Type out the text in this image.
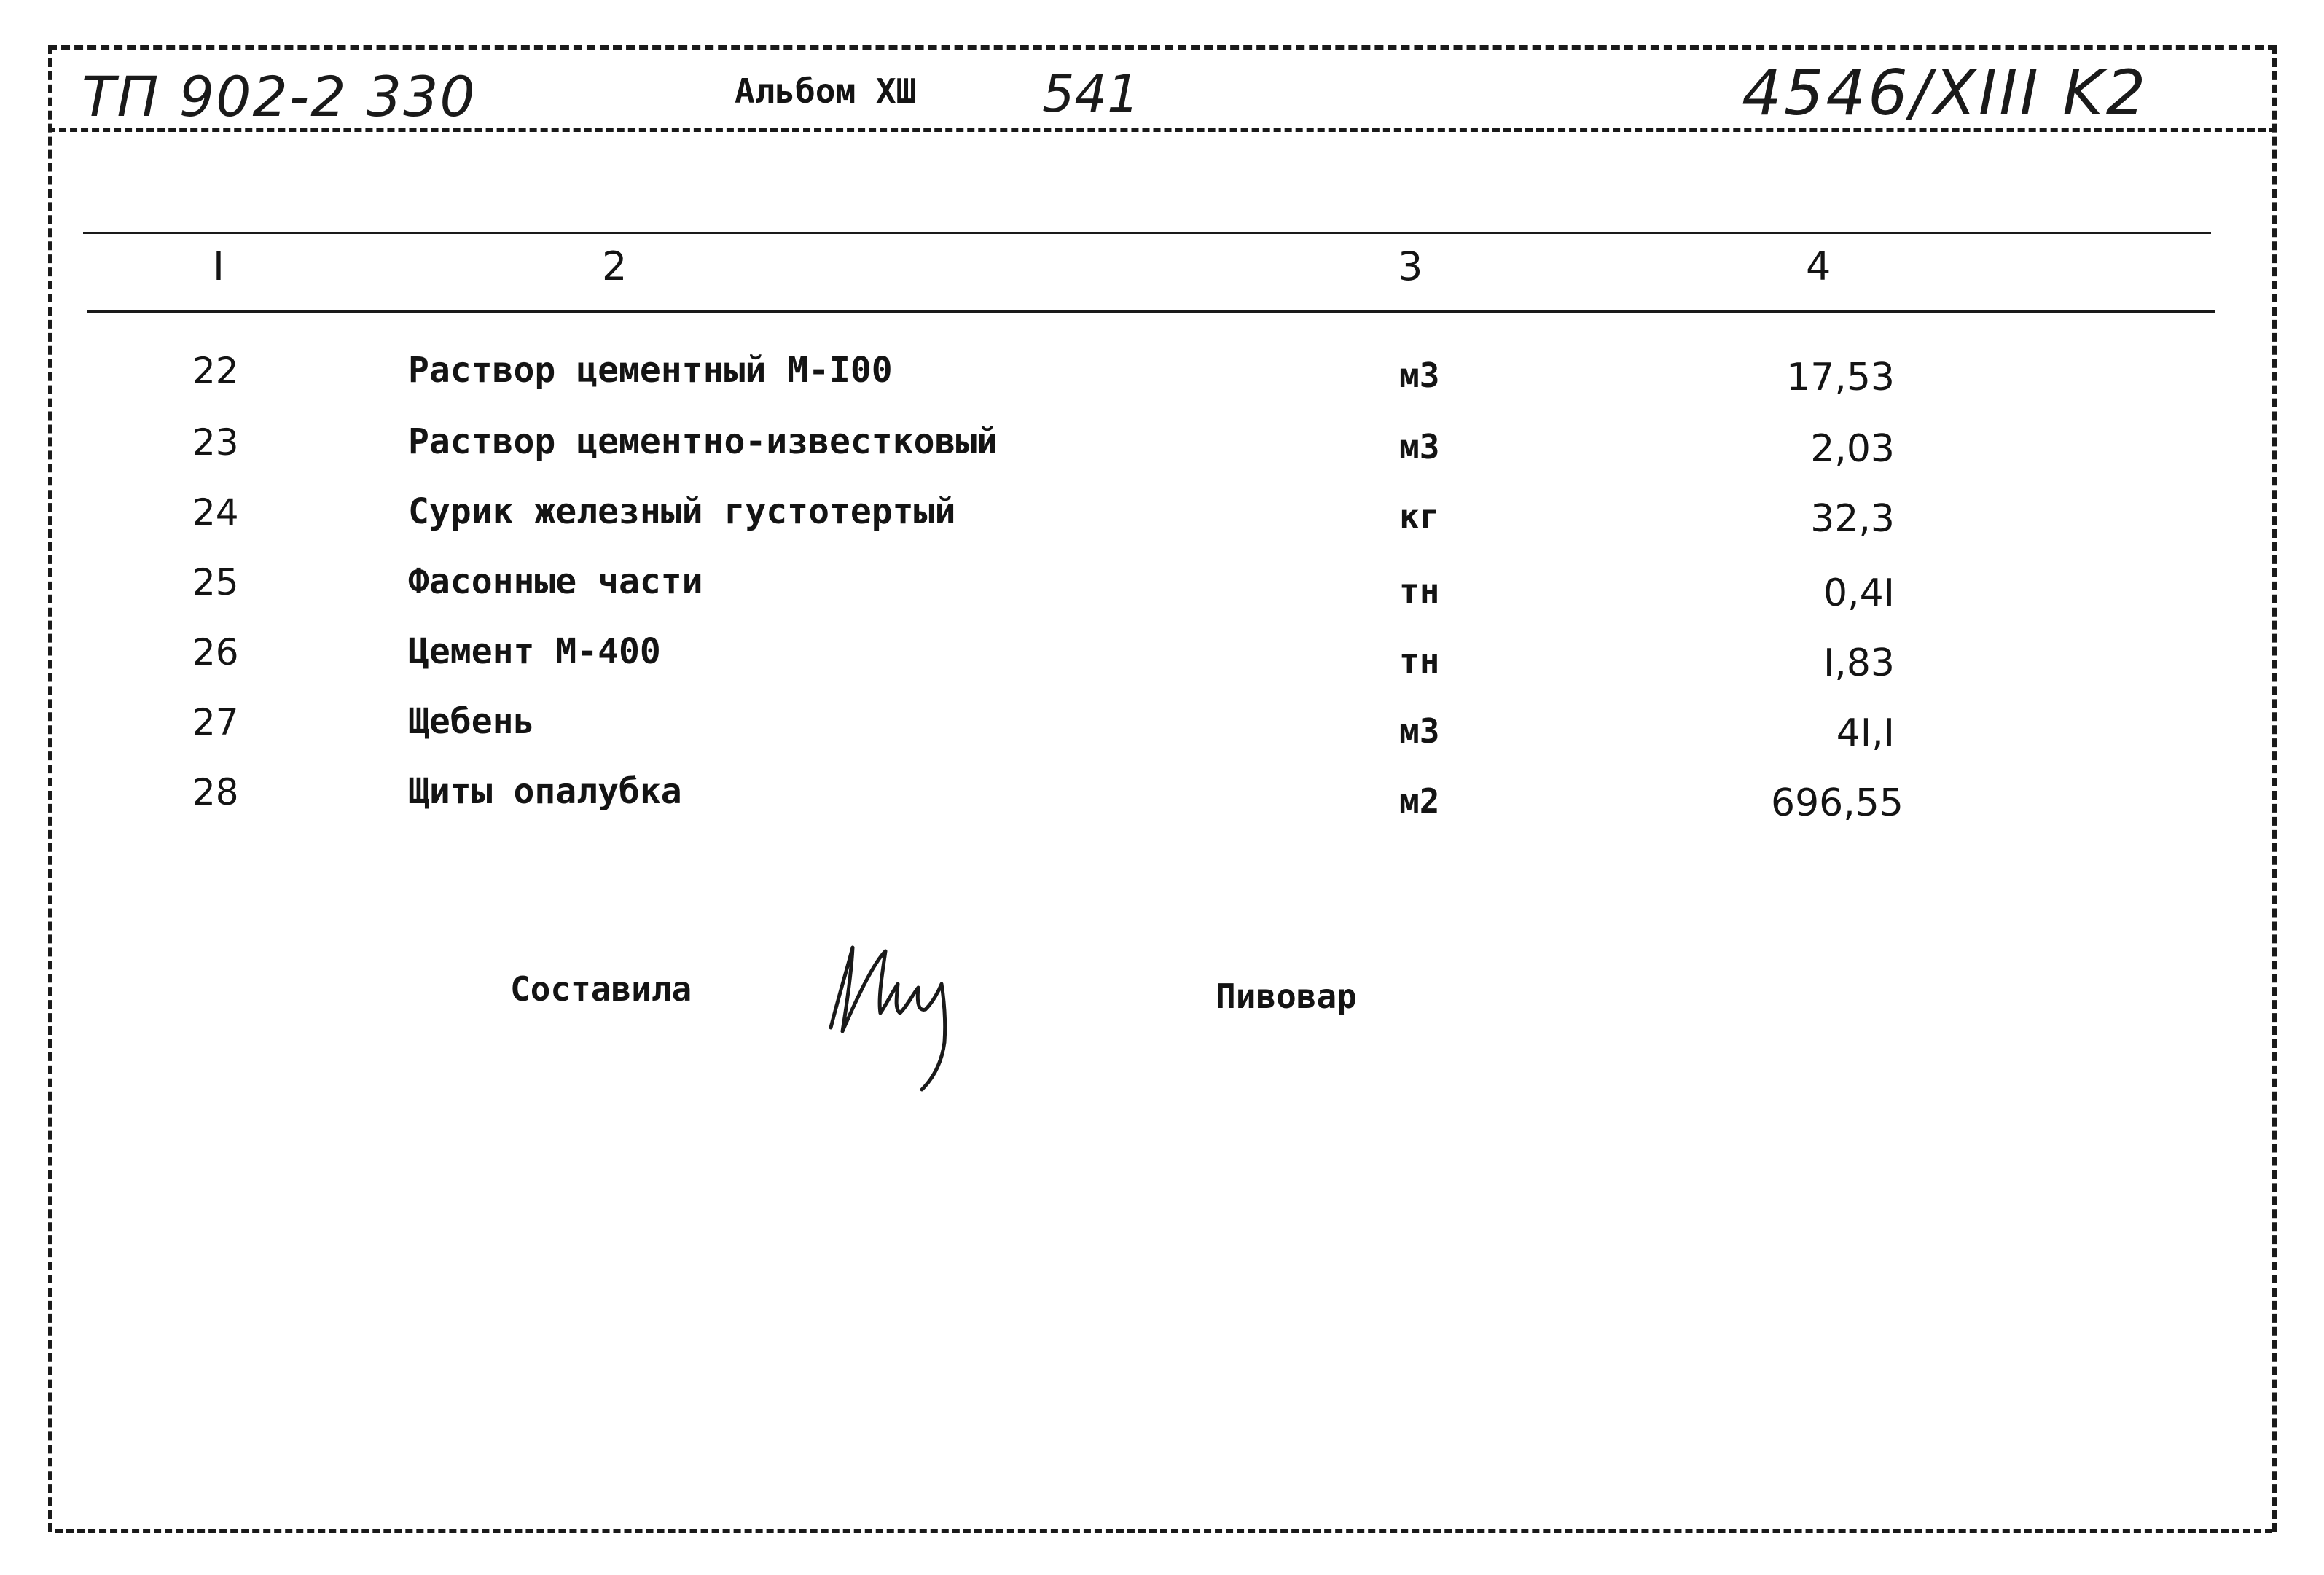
ТП 902-2 330	Альбом ХШ 541	4546/XIII K2
I	2	3	4
22	Раствор цементный М-I00	м3	17,53
23	Раствор цементно-известковый	м3	2,03
24	Сурик железный густотертый	кг	32,3
25	Фасонные части	тн	0,4I
26	Цемент М-400	тн	I,83
27	Щебень	м3	4I,I
28	Щиты опалубка	м2	696,55
Составила	Пивовар
